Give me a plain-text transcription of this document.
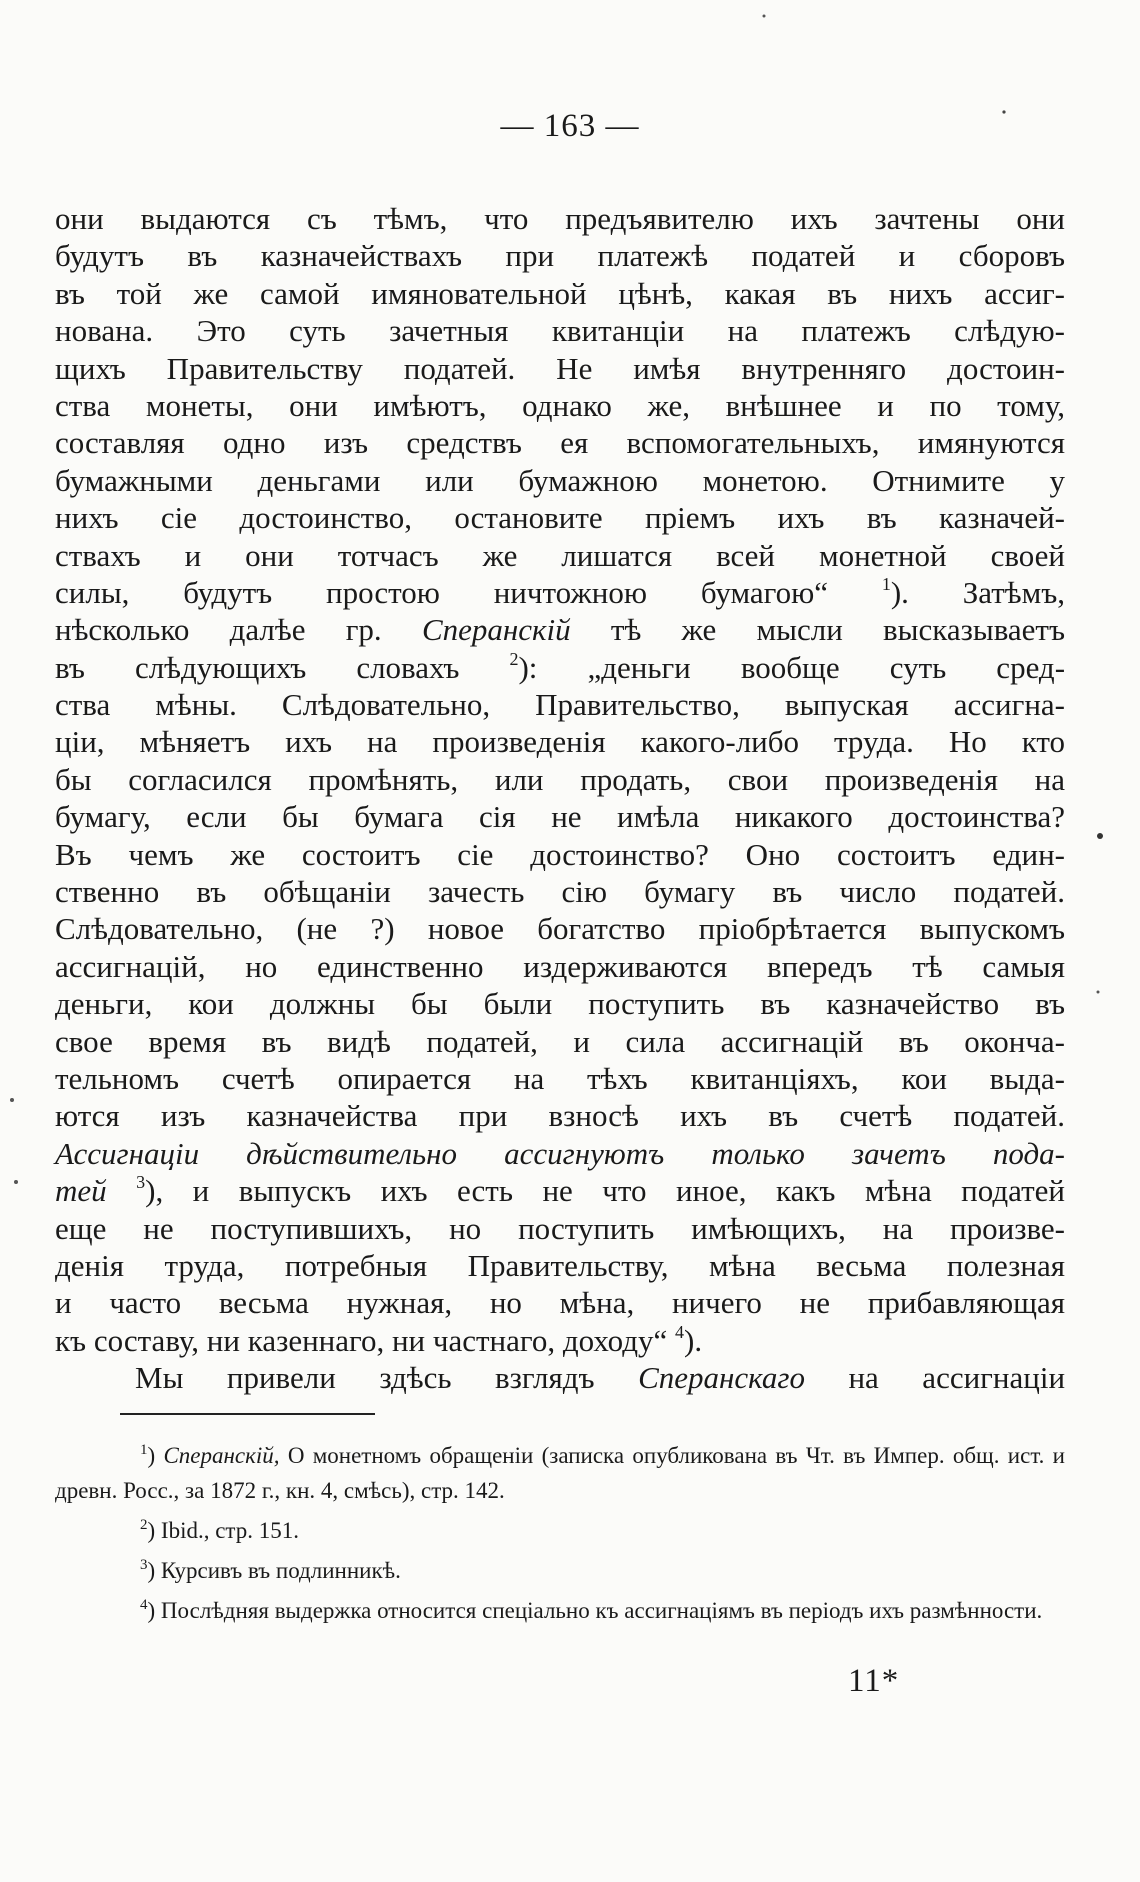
— 163 —
они выдаются съ тѣмъ, что предъявителю ихъ зачтены они
будутъ въ казначействахъ при платежѣ податей и сборовъ
въ той же самой имяновательной цѣнѣ, какая въ нихъ ассиг-
нована. Это суть зачетныя квитанціи на платежъ слѣдую-
щихъ Правительству податей. Не имѣя внутренняго достоин-
ства монеты, они имѣютъ, однако же, внѣшнее и по тому,
составляя одно изъ средствъ ея вспомогательныхъ, имянуются
бумажными деньгами или бумажною монетою. Отнимите у
нихъ сіе достоинство, остановите пріемъ ихъ въ казначей-
ствахъ и они тотчасъ же лишатся всей монетной своей
силы, будутъ простою ничтожною бумагою“	$^1$). Затѣмъ,
нѣсколько далѣе гр. Сперанскій тѣ же мысли высказываетъ
въ слѣдующихъ словахъ	$^2$): „деньги вообще суть сред-
ства мѣны. Слѣдовательно, Правительство, выпуская ассигна-
ціи, мѣняетъ ихъ на произведенія какого-либо труда. Но кто
бы согласился промѣнять, или продать, свои произведенія на
бумагу, если бы бумага сія не имѣла никакого достоинства?
Въ чемъ же состоитъ сіе достоинство? Оно состоитъ един-
ственно въ обѣщаніи зачесть сію бумагу въ число податей.
Слѣдовательно, (не ?) новое богатство пріобрѣтается выпускомъ
ассигнацій, но единственно издерживаются впередъ тѣ самыя
деньги, кои должны бы были поступить въ казначейство въ
свое время въ видѣ податей, и сила ассигнацій въ оконча-
тельномъ счетѣ опирается на тѣхъ квитанціяхъ, кои выда-
ются изъ казначейства при взносѣ ихъ въ счетѣ податей.
Ассигнаціи дѣйствительно ассигнуютъ только зачетъ пода-
тей $^3$), и выпускъ ихъ есть не что иное, какъ мѣна податей
еще не поступившихъ, но поступить имѣющихъ, на произве-
денія труда, потребныя Правительству, мѣна весьма полезная
и часто весьма нужная, но мѣна, ничего не прибавляющая
къ составу, ни казеннаго, ни частнаго, доходу“ $^4$).
Мы привели здѣсь взглядъ Сперанскаго на ассигнаціи

$^1$) Сперанскій, О монетномъ обращеніи (записка опубликована въ Чт. въ Импер. общ. ист. и древн. Росс., за 1872 г., кн. 4, смѣсь), стр. 142.

$^2$) Ibid., стр. 151.

$^3$) Курсивъ въ подлинникѣ.

$^4$) Послѣдняя выдержка относится спеціально къ ассигнаціямъ въ періодъ ихъ размѣнности.

11*
